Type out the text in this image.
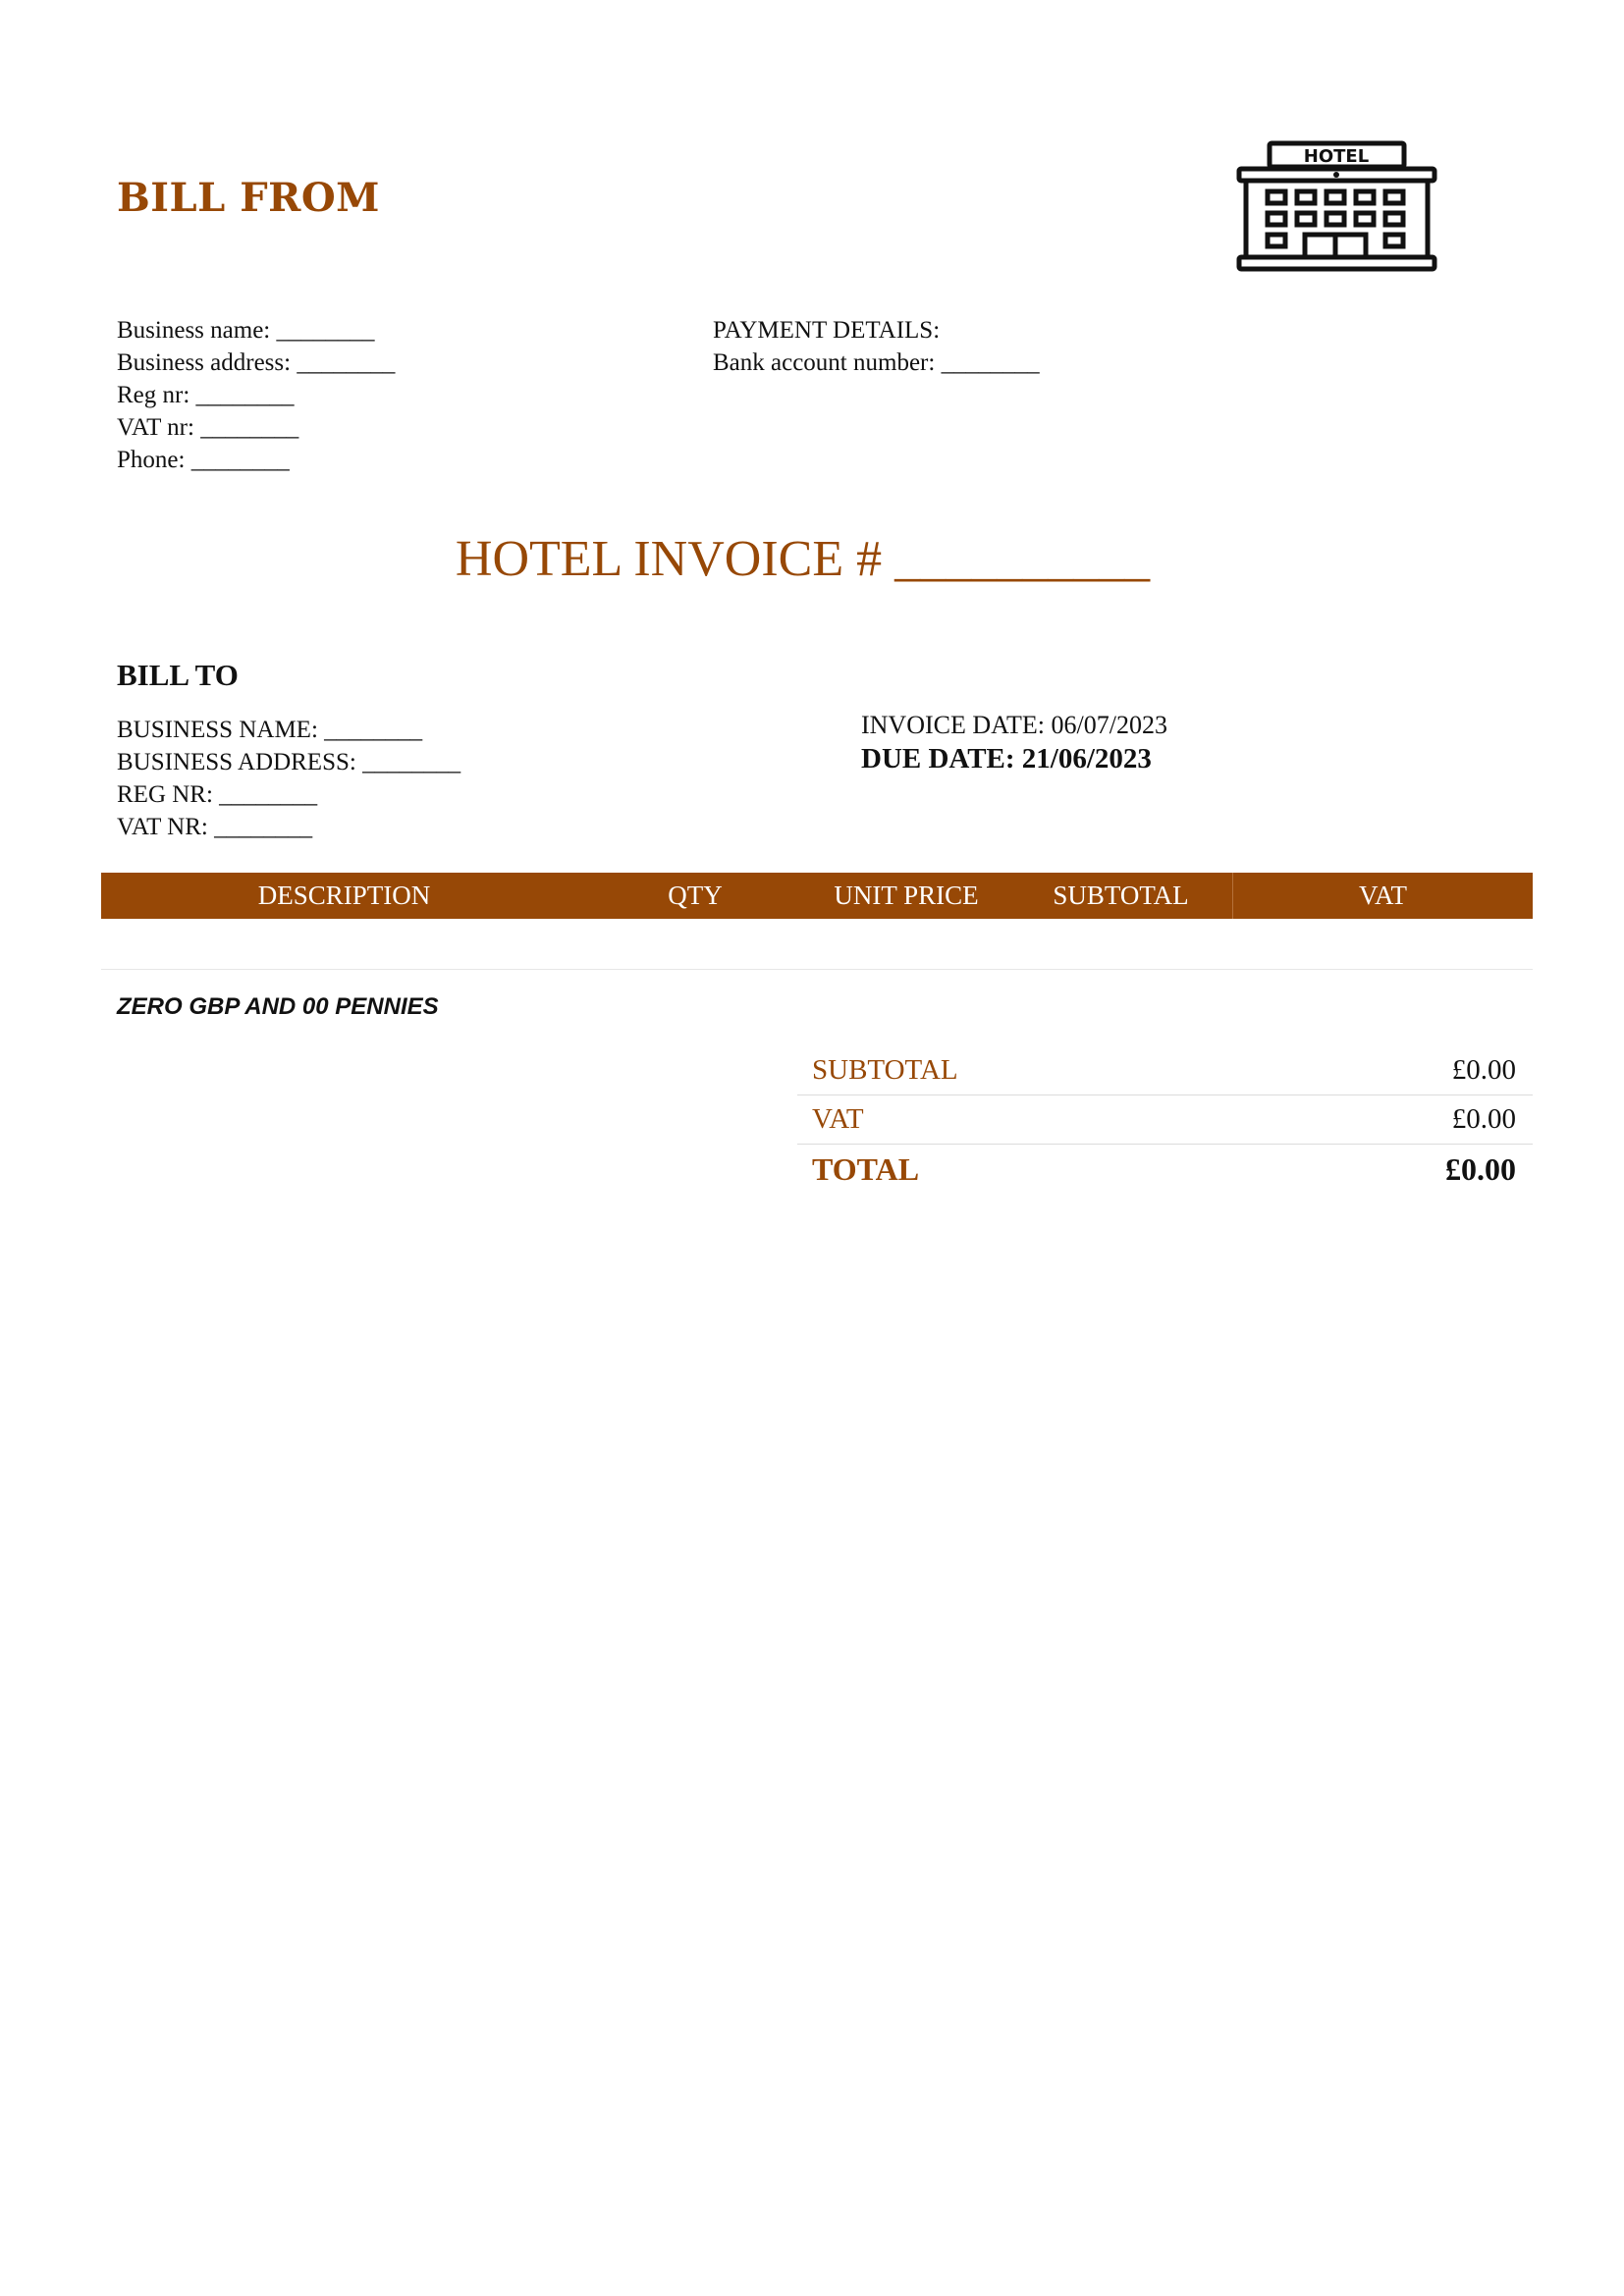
BILL FROM
HOTEL
Business name: ________
Business address: ________
Reg nr: ________
VAT nr: ________
Phone: ________
PAYMENT DETAILS:
Bank account number: ________
HOTEL INVOICE # __________
BILL TO
BUSINESS NAME: ________
BUSINESS ADDRESS: ________
REG NR: ________
VAT NR: ________
INVOICE DATE: 06/07/2023
DUE DATE: 21/06/2023
DESCRIPTION	QTY	UNIT PRICE	SUBTOTAL	VAT
ZERO GBP AND 00 PENNIES
SUBTOTAL	£0.00
VAT	£0.00
TOTAL	£0.00
